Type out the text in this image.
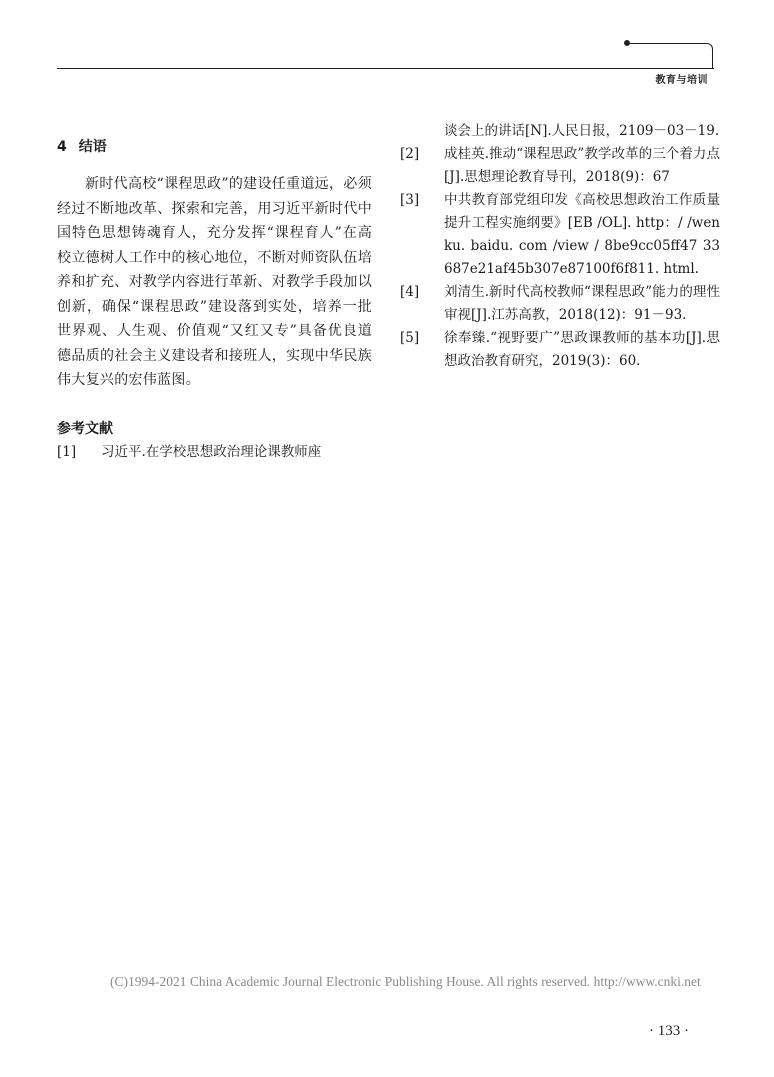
教育与培训
4 结语

新时代高校“课程思政”的建设任重道远，必须经过不断地改革、探索和完善，用习近平新时代中国特色思想铸魂育人，充分发挥“课程育人”在高校立德树人工作中的核心地位，不断对师资队伍培养和扩充、对教学内容进行革新、对教学手段加以创新，确保“课程思政”建设落到实处，培养一批世界观、人生观、价值观“又红又专”具备优良道德品质的社会主义建设者和接班人，实现中华民族伟大复兴的宏伟蓝图。

参考文献
[1]	习近平.在学校思想政治理论课教师座
谈会上的讲话[N].人民日报，2109－03－19.
[2]	成桂英.推动“课程思政”教学改革的三个着力点[J].思想理论教育导刊，2018(9)：67
[3]	中共教育部党组印发《高校思想政治工作质量提升工程实施纲要》[EB /OL]. http：/ /wenku. baidu. com /view / 8be9cc05ff47 33687e21af45b307e87100f6f811. html.
[4]	刘清生.新时代高校教师“课程思政”能力的理性审视[J].江苏高教，2018(12)：91－93.
[5]	徐奉臻.“视野要广”思政课教师的基本功[J].思想政治教育研究，2019(3)：60.
(C)1994-2021 China Academic Journal Electronic Publishing House. All rights reserved. http://www.cnki.net
· 133 ·
